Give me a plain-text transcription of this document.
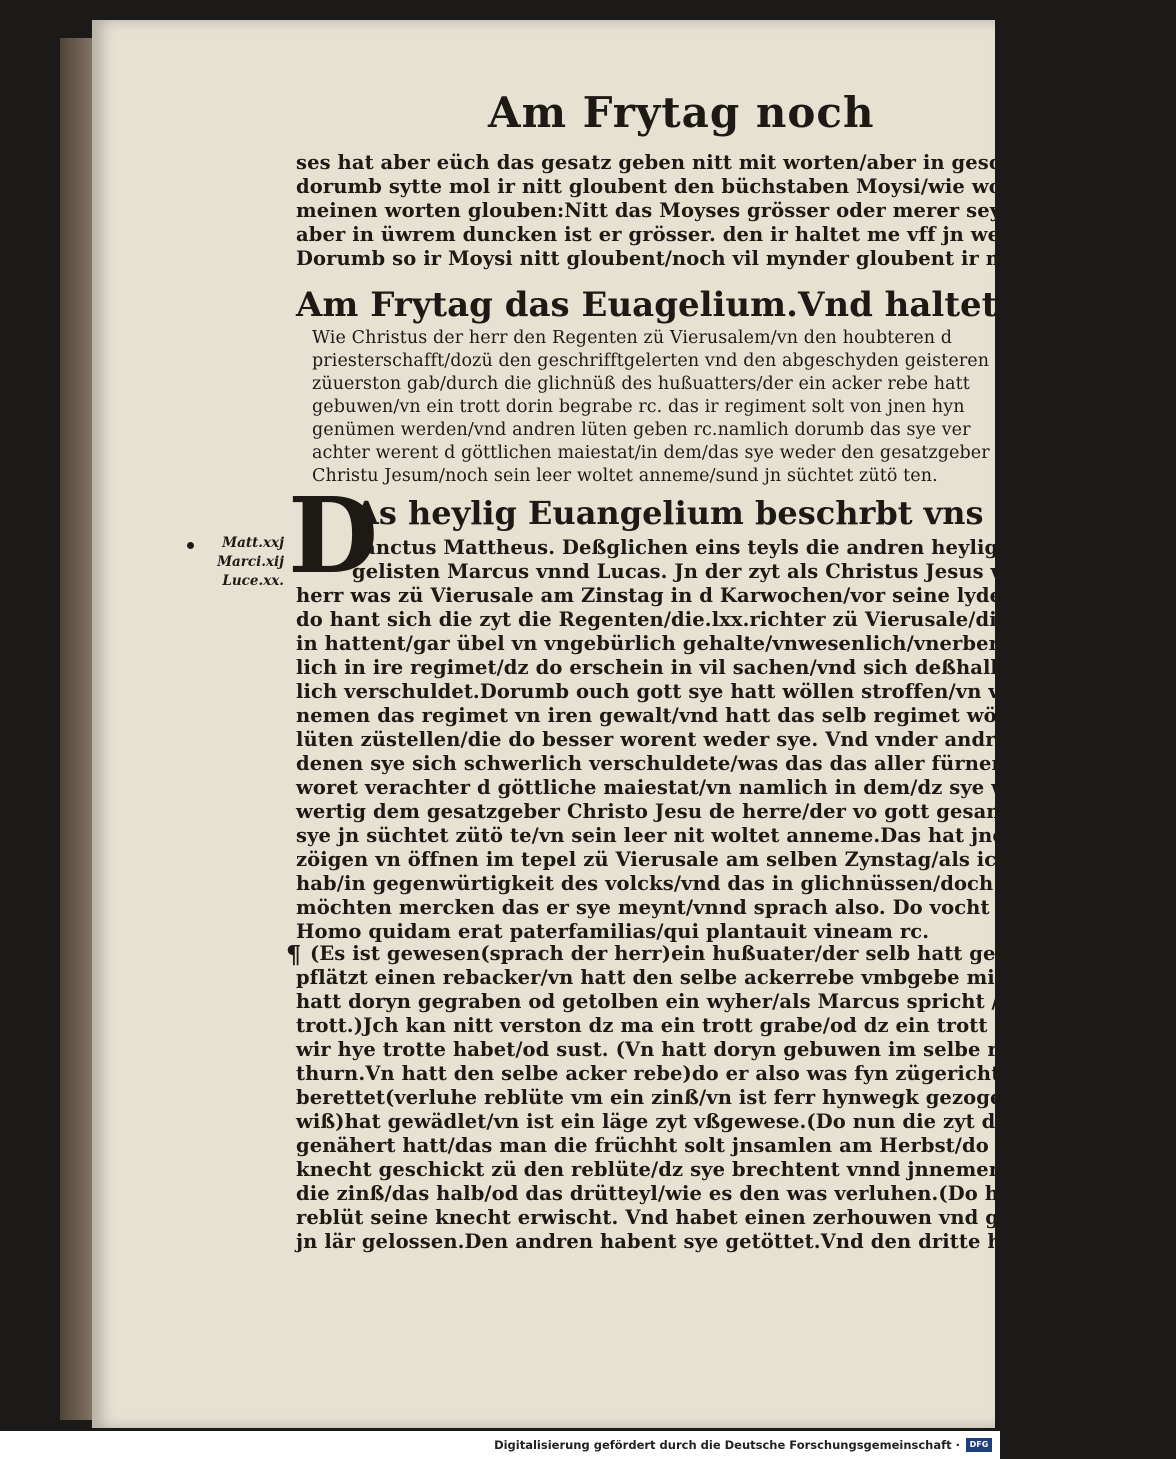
Am Frytag noch
ses hat aber eüch das gesatz geben nitt mit worten/aber in geschrifften. Vnd
dorumb sytte mol ir nitt gloubent den büchstaben Moysi/wie woltet ir den
meinen worten glouben:Nitt das Moyses grösser oder merer sey weder ich/
aber in üwrem duncken ist er grösser. den ir haltet me vff jn weder vff mich.
Dorumb so ir Moysi nitt gloubent/noch vil mynder gloubent ir mir.
Am Frytag das Euagelium.Vnd haltet in
Wie Christus der herr den Regenten zü Vierusalem/vn den houbteren d
priesterschafft/dozü den geschrifftgelerten vnd den abgeschyden geisteren
züuerston gab/durch die glichnüß des hußuatters/der ein acker rebe hatt
gebuwen/vn ein trott dorin begrabe rc. das ir regiment solt von jnen hyn
genümen werden/vnd andren lüten geben rc.namlich dorumb das sye ver
achter werent d göttlichen maiestat/in dem/das sye weder den gesatzgeber
Christu Jesum/noch sein leer woltet anneme/sund jn süchtet zütö ten.
Matt.xxj
Marci.xij
Luce.xx. D
As heylig Euangelium beschrbt vns
sanctus Mattheus. Deßglichen eins teyls die andren heylige euan
gelisten Marcus vnnd Lucas. Jn der zyt als Christus Jesus vnßer
herr was zü Vierusale am Zinstag in d Karwochen/vor seine lyde vn sterbe/
do hant sich die zyt die Regenten/die.lxx.richter zü Vierusale/die dz regimet
in hattent/gar übel vn vngebürlich gehalte/vnwesenlich/vnerberlich/vnred
lich in ire regimet/dz do erschein in vil sachen/vnd sich deßhalb hant schwer
lich verschuldet.Dorumb ouch gott sye hatt wöllen stroffen/vn von jne hyn
nemen das regimet vn iren gewalt/vnd hatt das selb regimet wöllen andren
lüten züstellen/die do besser worent weder sye. Vnd vnder andren stucken/in
denen sye sich schwerlich verschuldete/was das das aller fürnemeste/das sye
woret verachter d göttliche maiestat/vn namlich in dem/dz sye woret wider
wertig dem gesatzgeber Christo Jesu de herre/der vo gott gesant was/vn dz
sye jn süchtet zütö te/vn sein leer nit woltet anneme.Das hat jne d herr wölle
zöigen vn öffnen im tepel zü Vierusale am selben Zynstag/als ich vor geseyt
hab/in gegenwürtigkeit des volcks/vnd das in glichnüssen/doch also/dz sye
möchten mercken das er sye meynt/vnnd sprach also. Do vocht der text an.
Homo quidam erat paterfamilias/qui plantauit vineam rc.
¶ (Es ist gewesen(sprach der herr)ein hußuater/der selb hatt gebuwe od ge
pflätzt einen rebacker/vn hatt den selbe ackerrebe vmbgebe mit eine zun. Vn
hatt doryn gegraben od getolben ein wyher/als Marcus spricht / dozü ein
trott.)Jch kan nitt verston dz ma ein trott grabe/od dz ein trott sey gesin/wie
wir hye trotte habet/od sust. (Vn hatt doryn gebuwen im selbe rebacker ein
thurn.Vn hatt den selbe acker rebe)do er also was fyn zügericht vn gantz vß
berettet(verluhe reblüte vm ein zinß/vn ist ferr hynwegk gezoge in bilgerinß
wiß)hat gewädlet/vn ist ein läge zyt vßgewese.(Do nun die zyt d früchht sich
genähert hatt/das man die früchht solt jnsamlen am Herbst/do hatt er seine
knecht geschickt zü den reblüte/dz sye brechtent vnnd jnnement seine früchht)
die zinß/das halb/od das drütteyl/wie es den was verluhen.(Do habent die
reblüt seine knecht erwischt. Vnd habet einen zerhouwen vnd gewundet/vn
jn lär gelossen.Den andren habent sye getöttet.Vnd den dritte habent sye ver
Digitalisierung gefördert durch die Deutsche Forschungsgemeinschaft ·	DFG
